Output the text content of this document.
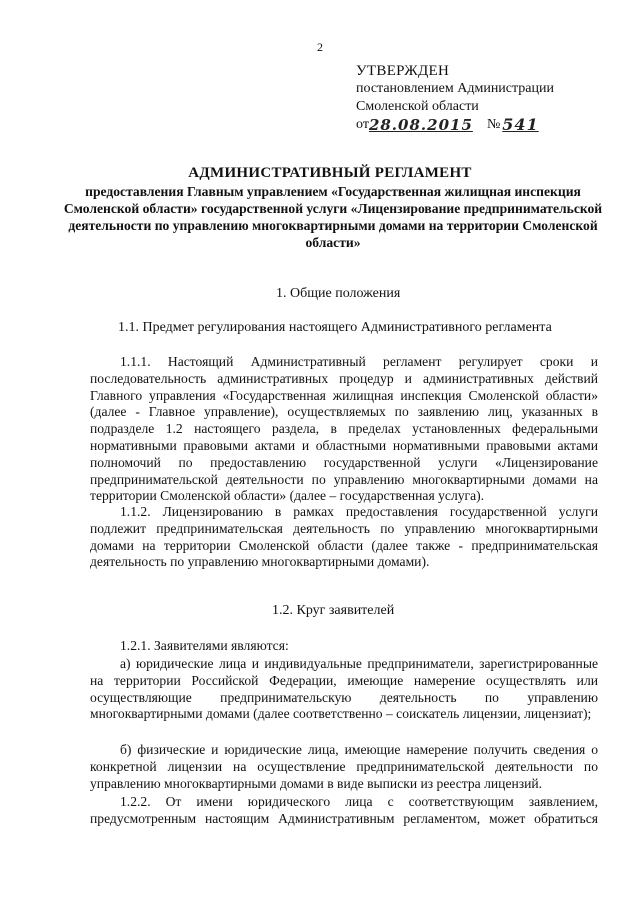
2
УТВЕРЖДЕН
постановлением Администрации
Смоленской области
от 28.08.2015	№ 541
АДМИНИСТРАТИВНЫЙ РЕГЛАМЕНТ
предоставления Главным управлением «Государственная жилищная инспекция Смоленской области» государственной услуги «Лицензирование предпринимательской деятельности по управлению многоквартирными домами на территории Смоленской области»
1. Общие положения
1.1. Предмет регулирования настоящего Административного регламента
1.1.1. Настоящий Административный регламент регулирует сроки и последовательность административных процедур и административных действий Главного управления «Государственная жилищная инспекция Смоленской области» (далее - Главное управление), осуществляемых по заявлению лиц, указанных в подразделе 1.2 настоящего раздела, в пределах установленных федеральными нормативными правовыми актами и областными нормативными правовыми актами полномочий по предоставлению государственной услуги «Лицензирование предпринимательской деятельности по управлению многоквартирными домами на территории Смоленской области» (далее – государственная услуга).
1.1.2. Лицензированию в рамках предоставления государственной услуги подлежит предпринимательская деятельность по управлению многоквартирными домами на территории Смоленской области (далее также - предпринимательская деятельность по управлению многоквартирными домами).
1.2. Круг заявителей
1.2.1. Заявителями являются:
а) юридические лица и индивидуальные предприниматели, зарегистрированные на территории Российской Федерации, имеющие намерение осуществлять или осуществляющие предпринимательскую деятельность по управлению многоквартирными домами (далее соответственно – соискатель лицензии, лицензиат);
б) физические и юридические лица, имеющие намерение получить сведения о конкретной лицензии на осуществление предпринимательской деятельности по управлению многоквартирными домами в виде выписки из реестра лицензий.
1.2.2. От имени юридического лица с соответствующим заявлением, предусмотренным настоящим Административным регламентом, может обратиться
